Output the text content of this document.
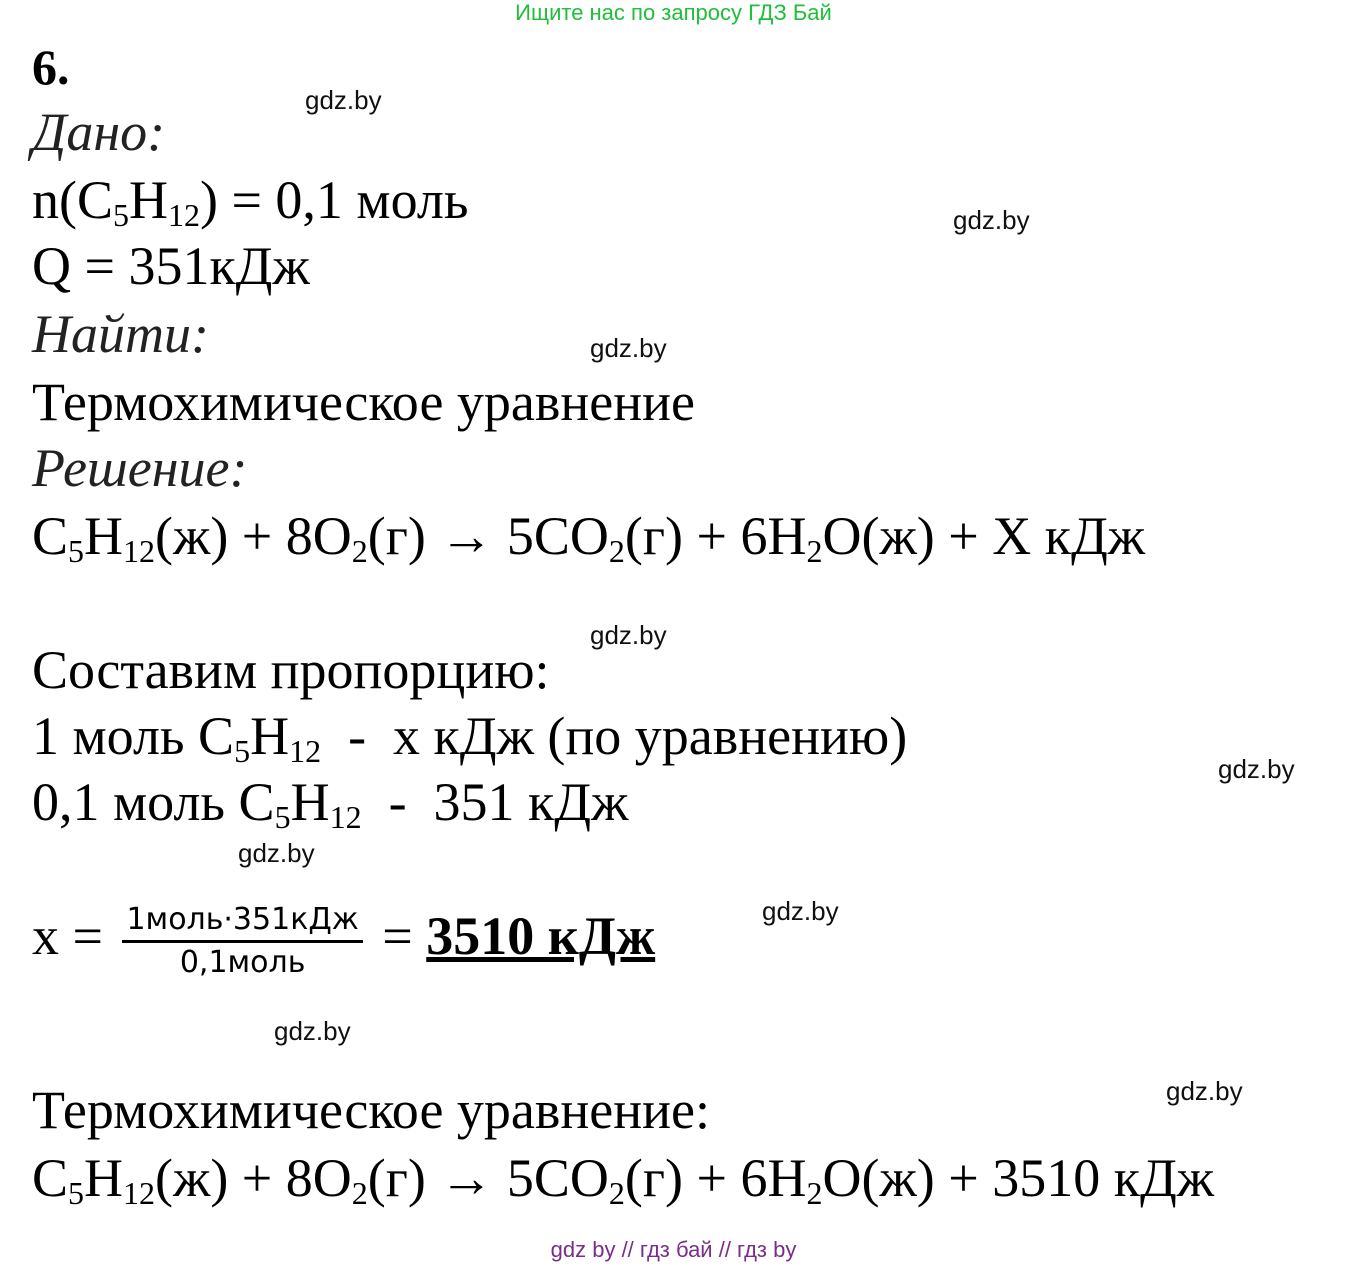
Ищите нас по запросу ГДЗ Бай
6.
Дано:
n(C5H12) = 0,1 моль
Q = 351кДж
Найти:
Термохимическое уравнение
Решение:
C5H12(ж) + 8O2(г) → 5CO2(г) + 6H2O(ж) + X кДж
Составим пропорцию:
1 моль C5H12  -  x кДж (по уравнению)
0,1 моль C5H12  -  351 кДж
$x = \frac{\text{1моль·351кДж}}{\text{0,1моль}} = 3510$ кДж
Термохимическое уравнение:
C5H12(ж) + 8O2(г) → 5CO2(г) + 6H2O(ж) + 3510 кДж
gdz.by
gdz.by
gdz.by
gdz.by
gdz.by
gdz.by
gdz.by
gdz.by
gdz.by
gdz by // гдз бай // гдз by
